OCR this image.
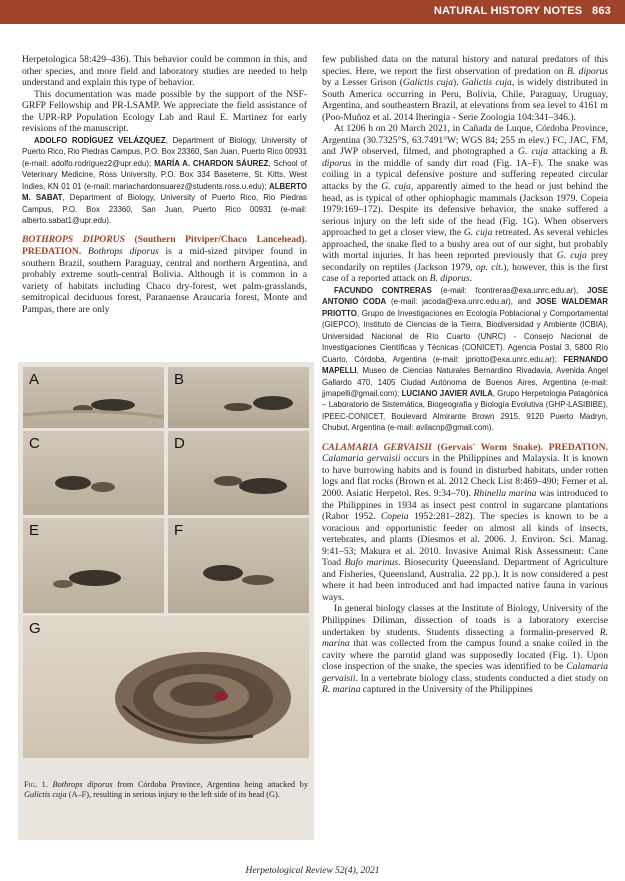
NATURAL HISTORY NOTES 863

Herpetologica 58:429–436). This behavior could be common in this, and other species, and more field and laboratory studies are needed to help understand and explain this type of behavior.

This documentation was made possible by the support of the NSF-GRFP Fellowship and PR-LSAMP. We appreciate the field assistance of the UPR-RP Population Ecology Lab and Raul E. Martinez for early revisions of the manuscript.

ADOLFO RODÍGUEZ VELÁZQUEZ, Department of Biology, University of Puerto Rico, Rio Piedras Campus, P.O. Box 23360, San Juan, Puerto Rico 00931 (e-mail: adolfo.rodriguez2@upr.edu); MARÍA A. CHARDON SÁUREZ, School of Veterinary Medicine, Ross University, P.O. Box 334 Baseterre, St. Kitts, West Indies, KN 01 01 (e-mail: mariachardonsuarez@students.ross.u.edu); ALBERTO M. SABAT, Department of Biology, University of Puerto Rico, Rio Piedras Campus, P.O. Box 23360, San Juan, Puerto Rico 00931 (e-mail: alberto.sabat1@upr.edu).

BOTHROPS DIPORUS (Southern Pitviper/Chaco Lancehead). PREDATION. Bothrops diporus is a mid-sized pitviper found in southern Brazil, southern Paraguay, central and northern Argentina, and probably extreme south-central Bolivia. Although it is common in a variety of habitats including Chaco dry-forest, wet palm-grasslands, semitropical deciduous forest, Paranaense Araucaria forest, Monte and Pampas, there are only

A	B
C	D
E	F
G

Fig. 1. Bothrops diporus from Córdoba Province, Argentina being attacked by Galictis cuja (A–F), resulting in serious injury to the left side of its head (G).

few published data on the natural history and natural predators of this species. Here, we report the first observation of predation on B. diporus by a Lesser Grison (Galictis cuja). Galictis cuja, is widely distributed in South America occurring in Peru, Bolivia, Chile, Paraguay, Uruguay, Argentina, and southeastern Brazil, at elevations from sea level to 4161 m (Poo-Muñoz et al. 2014 Iheringia - Serie Zoologia 104:341–346.).

At 1206 h on 20 March 2021, in Cañada de Luque, Córdoba Province, Argentina (30.7325°S, 63.7491°W; WGS 84; 255 m elev.) FC, JAC, FM, and JWP observed, filmed, and photographed a G. cuja attacking a B. diporus in the middle of sandy dirt road (Fig. 1A–F). The snake was coiling in a typical defensive posture and suffering repeated circular attacks by the G. cuja, apparently aimed to the head or just behind the head, as is typical of other ophiophagic mammals (Jackson 1979. Copeia 1979:169–172). Despite its defensive behavior, the snake suffered a serious injury on the left side of the head (Fig. 1G). When observers approached to get a closer view, the G. cuja retreated. As several vehicles approached, the snake fled to a bushy area out of our sight, but probably with mortal injuries. It has been reported previously that G. cuja prey secondarily on reptiles (Jackson 1979, op. cit.), however, this is the first case of a reported attack on B. diporus.

FACUNDO CONTRERAS (e-mail: fcontreras@exa.unrc.edu.ar), JOSE ANTONIO CODA (e-mail: jacoda@exa.unrc.edu.ar), and JOSE WALDEMAR PRIOTTO, Grupo de Investigaciones en Ecología Poblacional y Comportamental (GIEPCO), Instituto de Ciencias de la Tierra, Biodiversidad y Ambiente (ICBIA), Universidad Nacional de Río Cuarto (UNRC) - Consejo Nacional de Investigaciones Científicas y Técnicas (CONICET). Agencia Postal 3, 5800 Río Cuarto, Córdoba, Argentina (e-mail: jpriotto@exa.unrc.edu.ar); FERNANDO MAPELLI, Museo de Ciencias Naturales Bernardino Rivadavia, Avenida Angel Gallardo 470, 1405 Ciudad Autónoma de Buenos Aires, Argentina (e-mail: jjmapelli@gmail.com); LUCIANO JAVIER AVILA, Grupo Herpetologia Patagónica – Laboratorio de Sistemática, Biogeografía y Biología Evolutiva (GHP-LASIBIBE), IPEEC-CONICET, Boulevard Almirante Brown 2915, 9120 Puerto Madryn, Chubut, Argentina (e-mail: avilacnp@gmail.com).

CALAMARIA GERVAISII (Gervais' Worm Snake). PREDATION. Calamaria gervaisii occurs in the Philippines and Malaysia. It is known to have burrowing habits and is found in disturbed habitats, under rotten logs and flat rocks (Brown et al. 2012 Check List 8:469–490; Ferner et al. 2000. Asiatic Herpetol. Res. 9:34–70). Rhinella marina was introduced to the Philippines in 1934 as insect pest control in sugarcane plantations (Rabor 1952. Copeia 1952:281–282). The species is known to be a voracious and opportunistic feeder on almost all kinds of insects, vertebrates, and plants (Diesmos et al. 2006. J. Environ. Sci. Manag. 9:41–53; Makura et al. 2010. Invasive Animal Risk Assessment: Cane Toad Bufo marinus. Biosecurity Queensland. Department of Agriculture and Fisheries, Queensland, Australia. 22 pp.). It is now considered a pest where it had been introduced and had impacted native fauna in various ways.

In general biology classes at the Institute of Biology, University of the Philippines Diliman, dissection of toads is a laboratory exercise undertaken by students. Students dissecting a formalin-preserved R. marina that was collected from the campus found a snake coiled in the cavity where the parotid gland was supposedly located (Fig. 1). Upon close inspection of the snake, the species was identified to be Calamaria gervaisii. In a vertebrate biology class, students conducted a diet study on R. marina captured in the University of the Philippines

Herpetological Review 52(4), 2021
